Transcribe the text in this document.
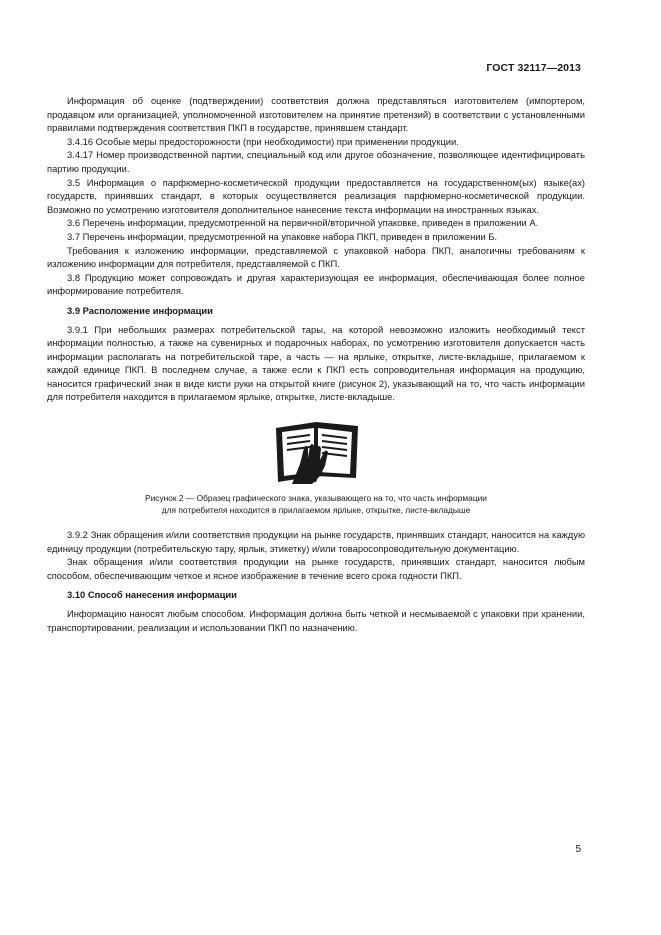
ГОСТ 32117—2013

Информация об оценке (подтверждении) соответствия должна представляться изготовителем (импортером, продавцом или организацией, уполномоченной изготовителем на принятие претензий) в соответствии с установленными правилами подтверждения соответствия ПКП в государстве, принявшем стандарт.

3.4.16 Особые меры предосторожности (при необходимости) при применении продукции.

3.4.17 Номер производственной партии, специальный код или другое обозначение, позволяющее идентифицировать партию продукции.

3.5 Информация о парфюмерно-косметической продукции предоставляется на государственном(ых) языке(ах) государств, принявших стандарт, в которых осуществляется реализация парфюмерно-косметической продукции. Возможно по усмотрению изготовителя дополнительное нанесение текста информации на иностранных языках.

3.6 Перечень информации, предусмотренной на первичной/вторичной упаковке, приведен в приложении А.

3.7 Перечень информации, предусмотренной на упаковке набора ПКП, приведен в приложении Б.

Требования к изложению информации, представляемой с упаковкой набора ПКП, аналогичны требованиям к изложению информации для потребителя, представляемой с ПКП.

3.8 Продукцию может сопровождать и другая характеризующая ее информация, обеспечивающая более полное информирование потребителя.

3.9 Расположение информации

3.9.1 При небольших размерах потребительской тары, на которой невозможно изложить необходимый текст информации полностью, а также на сувенирных и подарочных наборах, по усмотрению изготовителя допускается часть информации располагать на потребительской таре, а часть — на ярлыке, открытке, листе-вкладыше, прилагаемом к каждой единице ПКП. В последнем случае, а также если к ПКП есть сопроводительная информация на продукцию, наносится графический знак в виде кисти руки на открытой книге (рисунок 2), указывающий на то, что часть информации для потребителя находится в прилагаемом ярлыке, открытке, листе-вкладыше.

Рисунок 2 — Образец графического знака, указывающего на то, что часть информации
для потребителя находится в прилагаемом ярлыке, открытке, листе-вкладыше

3.9.2 Знак обращения и/или соответствия продукции на рынке государств, принявших стандарт, наносится на каждую единицу продукции (потребительскую тару, ярлык, этикетку) и/или товаросопроводительную документацию.

Знак обращения и/или соответствия продукции на рынке государств, принявших стандарт, наносится любым способом, обеспечивающим четкое и ясное изображение в течение всего срока годности ПКП.

3.10 Способ нанесения информации

Информацию наносят любым способом. Информация должна быть четкой и несмываемой с упаковки при хранении, транспортировании, реализации и использовании ПКП по назначению.

5
